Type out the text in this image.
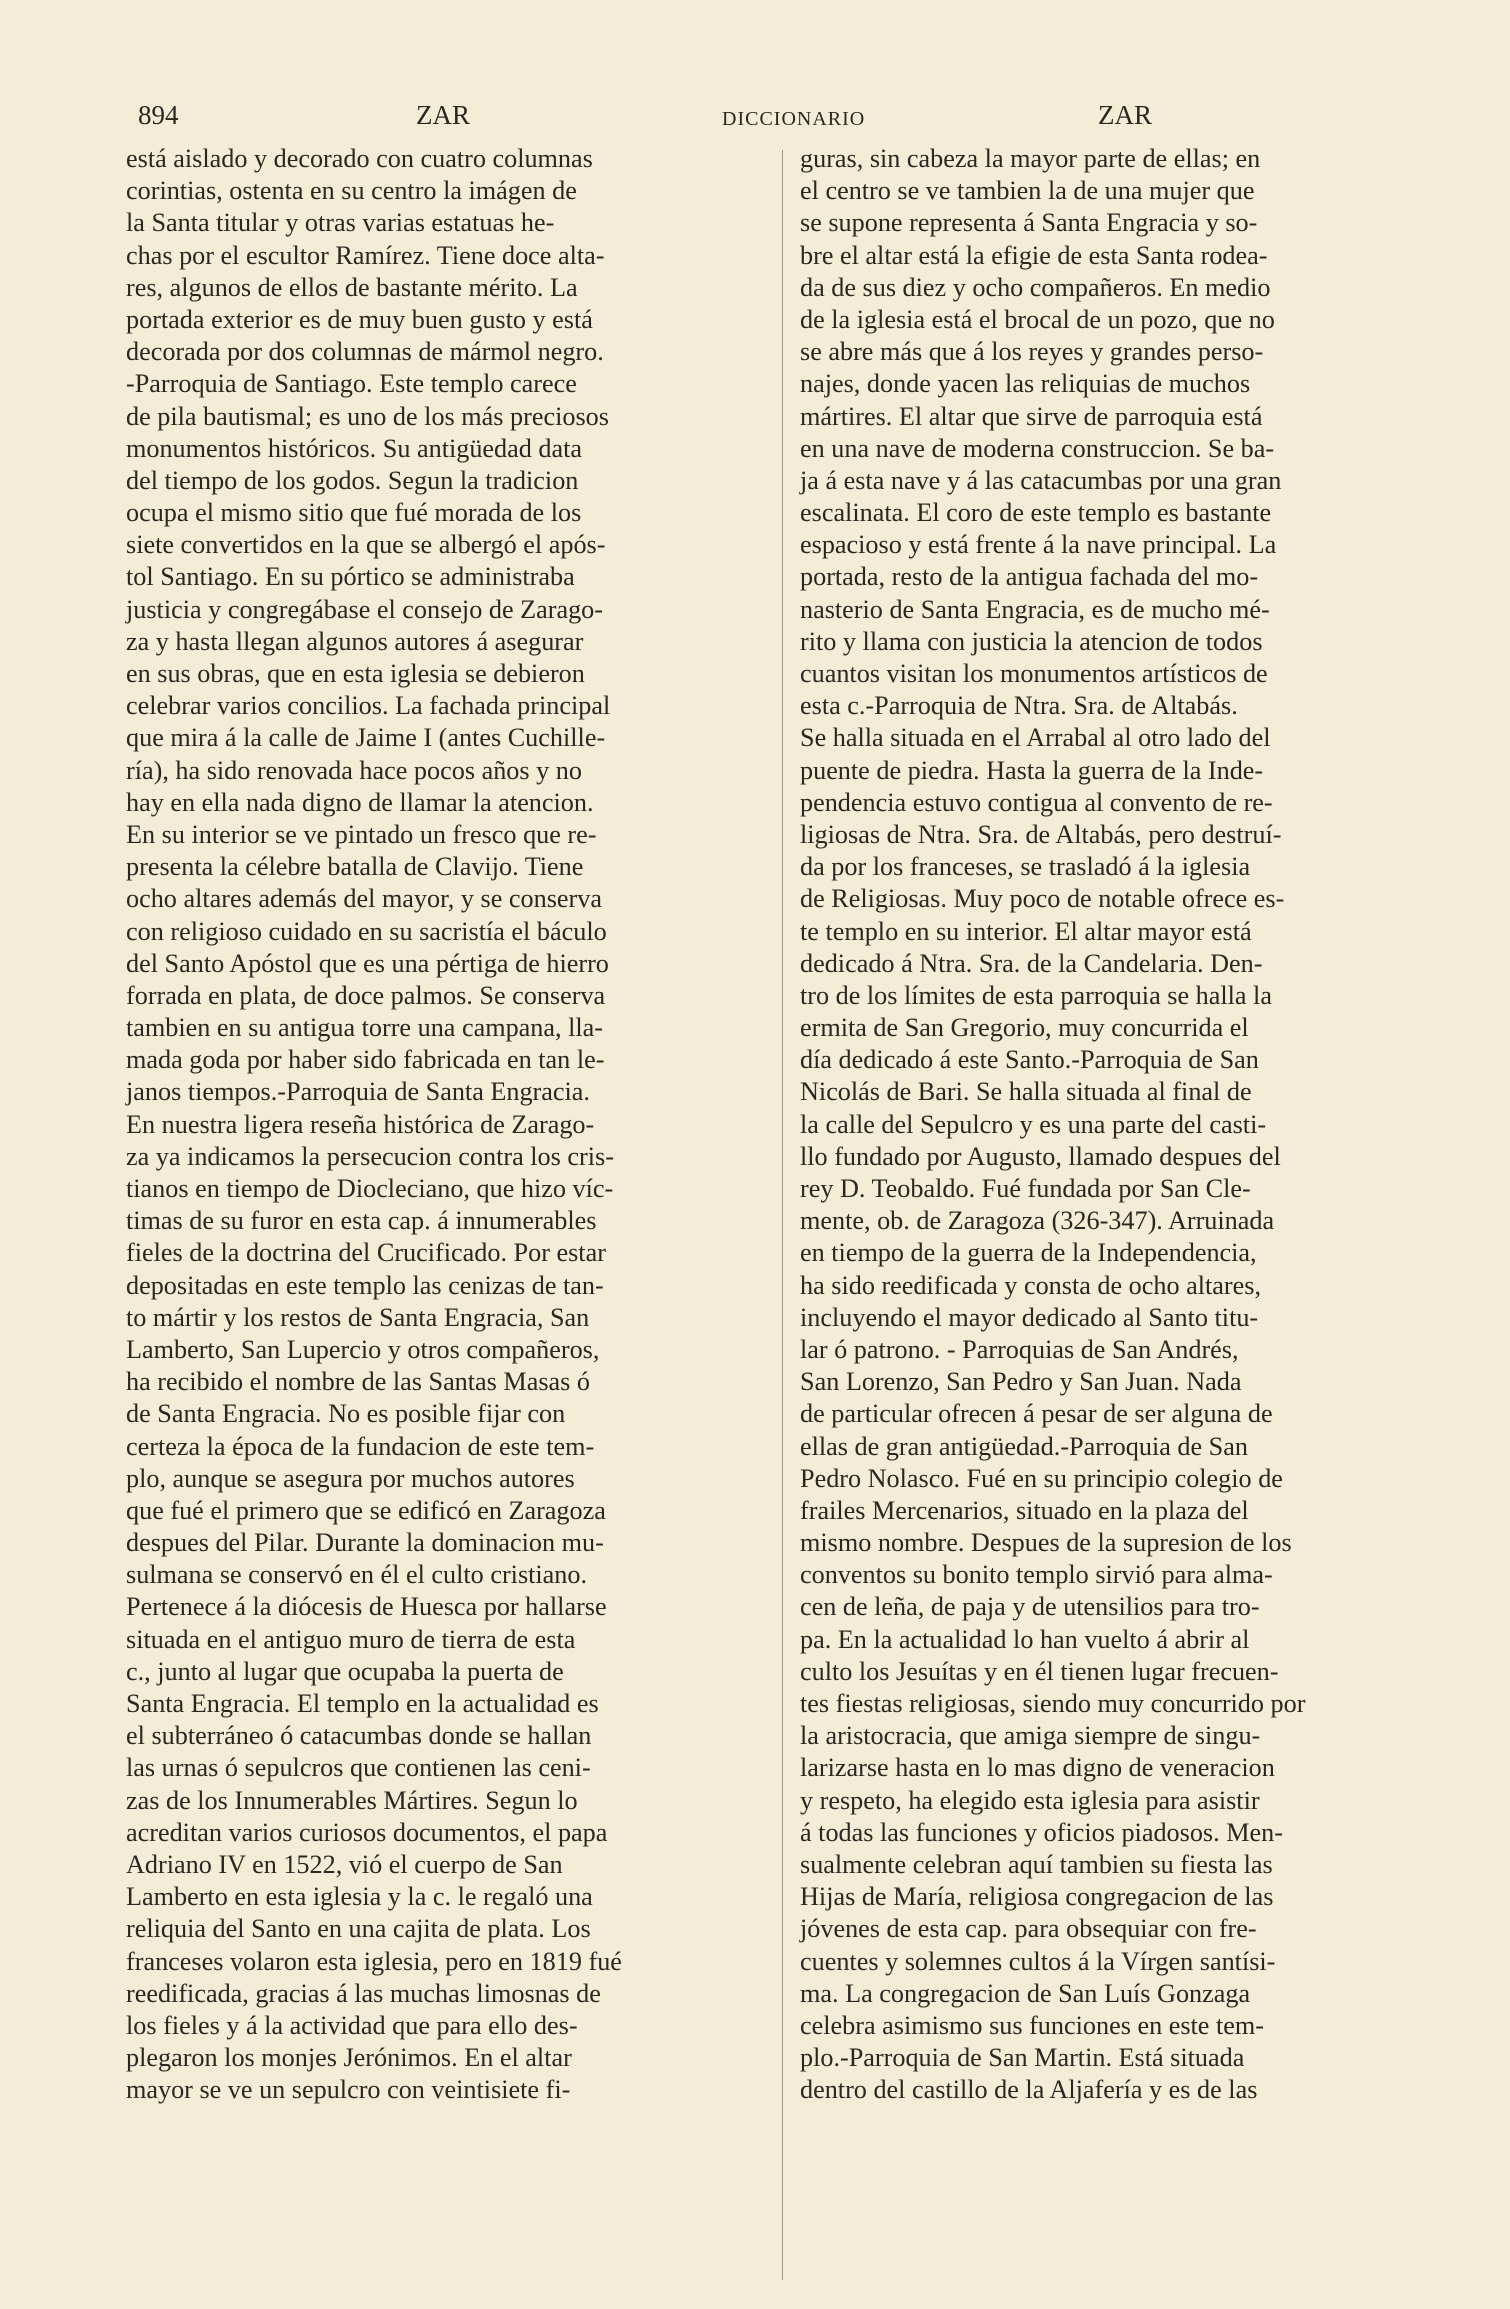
894	ZAR	DICCIONARIO	ZAR

está aislado y decorado con cuatro columnas

corintias, ostenta en su centro la imágen de

la Santa titular y otras varias estatuas he-

chas por el escultor Ramírez. Tiene doce alta-

res, algunos de ellos de bastante mérito. La

portada exterior es de muy buen gusto y está

decorada por dos columnas de mármol negro.

-Parroquia de Santiago. Este templo carece

de pila bautismal; es uno de los más preciosos

monumentos históricos. Su antigüedad data

del tiempo de los godos. Segun la tradicion

ocupa el mismo sitio que fué morada de los

siete convertidos en la que se albergó el após-

tol Santiago. En su pórtico se administraba

justicia y congregábase el consejo de Zarago-

za y hasta llegan algunos autores á asegurar

en sus obras, que en esta iglesia se debieron

celebrar varios concilios. La fachada principal

que mira á la calle de Jaime I (antes Cuchille-

ría), ha sido renovada hace pocos años y no

hay en ella nada digno de llamar la atencion.

En su interior se ve pintado un fresco que re-

presenta la célebre batalla de Clavijo. Tiene

ocho altares además del mayor, y se conserva

con religioso cuidado en su sacristía el báculo

del Santo Apóstol que es una pértiga de hierro

forrada en plata, de doce palmos. Se conserva

tambien en su antigua torre una campana, lla-

mada goda por haber sido fabricada en tan le-

janos tiempos.-Parroquia de Santa Engracia.

En nuestra ligera reseña histórica de Zarago-

za ya indicamos la persecucion contra los cris-

tianos en tiempo de Diocleciano, que hizo víc-

timas de su furor en esta cap. á innumerables

fieles de la doctrina del Crucificado. Por estar

depositadas en este templo las cenizas de tan-

to mártir y los restos de Santa Engracia, San

Lamberto, San Lupercio y otros compañeros,

ha recibido el nombre de las Santas Masas ó

de Santa Engracia. No es posible fijar con

certeza la época de la fundacion de este tem-

plo, aunque se asegura por muchos autores

que fué el primero que se edificó en Zaragoza

despues del Pilar. Durante la dominacion mu-

sulmana se conservó en él el culto cristiano.

Pertenece á la diócesis de Huesca por hallarse

situada en el antiguo muro de tierra de esta

c., junto al lugar que ocupaba la puerta de

Santa Engracia. El templo en la actualidad es

el subterráneo ó catacumbas donde se hallan

las urnas ó sepulcros que contienen las ceni-

zas de los Innumerables Mártires. Segun lo

acreditan varios curiosos documentos, el papa

Adriano IV en 1522, vió el cuerpo de San

Lamberto en esta iglesia y la c. le regaló una

reliquia del Santo en una cajita de plata. Los

franceses volaron esta iglesia, pero en 1819 fué

reedificada, gracias á las muchas limosnas de

los fieles y á la actividad que para ello des-

plegaron los monjes Jerónimos. En el altar

mayor se ve un sepulcro con veintisiete fi-

guras, sin cabeza la mayor parte de ellas; en

el centro se ve tambien la de una mujer que

se supone representa á Santa Engracia y so-

bre el altar está la efigie de esta Santa rodea-

da de sus diez y ocho compañeros. En medio

de la iglesia está el brocal de un pozo, que no

se abre más que á los reyes y grandes perso-

najes, donde yacen las reliquias de muchos

mártires. El altar que sirve de parroquia está

en una nave de moderna construccion. Se ba-

ja á esta nave y á las catacumbas por una gran

escalinata. El coro de este templo es bastante

espacioso y está frente á la nave principal. La

portada, resto de la antigua fachada del mo-

nasterio de Santa Engracia, es de mucho mé-

rito y llama con justicia la atencion de todos

cuantos visitan los monumentos artísticos de

esta c.-Parroquia de Ntra. Sra. de Altabás.

Se halla situada en el Arrabal al otro lado del

puente de piedra. Hasta la guerra de la Inde-

pendencia estuvo contigua al convento de re-

ligiosas de Ntra. Sra. de Altabás, pero destruí-

da por los franceses, se trasladó á la iglesia

de Religiosas. Muy poco de notable ofrece es-

te templo en su interior. El altar mayor está

dedicado á Ntra. Sra. de la Candelaria. Den-

tro de los límites de esta parroquia se halla la

ermita de San Gregorio, muy concurrida el

día dedicado á este Santo.-Parroquia de San

Nicolás de Bari. Se halla situada al final de

la calle del Sepulcro y es una parte del casti-

llo fundado por Augusto, llamado despues del

rey D. Teobaldo. Fué fundada por San Cle-

mente, ob. de Zaragoza (326-347). Arruinada

en tiempo de la guerra de la Independencia,

ha sido reedificada y consta de ocho altares,

incluyendo el mayor dedicado al Santo titu-

lar ó patrono. - Parroquias de San Andrés,

San Lorenzo, San Pedro y San Juan. Nada

de particular ofrecen á pesar de ser alguna de

ellas de gran antigüedad.-Parroquia de San

Pedro Nolasco. Fué en su principio colegio de

frailes Mercenarios, situado en la plaza del

mismo nombre. Despues de la supresion de los

conventos su bonito templo sirvió para alma-

cen de leña, de paja y de utensilios para tro-

pa. En la actualidad lo han vuelto á abrir al

culto los Jesuítas y en él tienen lugar frecuen-

tes fiestas religiosas, siendo muy concurrido por

la aristocracia, que amiga siempre de singu-

larizarse hasta en lo mas digno de veneracion

y respeto, ha elegido esta iglesia para asistir

á todas las funciones y oficios piadosos. Men-

sualmente celebran aquí tambien su fiesta las

Hijas de María, religiosa congregacion de las

jóvenes de esta cap. para obsequiar con fre-

cuentes y solemnes cultos á la Vírgen santísi-

ma. La congregacion de San Luís Gonzaga

celebra asimismo sus funciones en este tem-

plo.-Parroquia de San Martin. Está situada

dentro del castillo de la Aljafería y es de las
